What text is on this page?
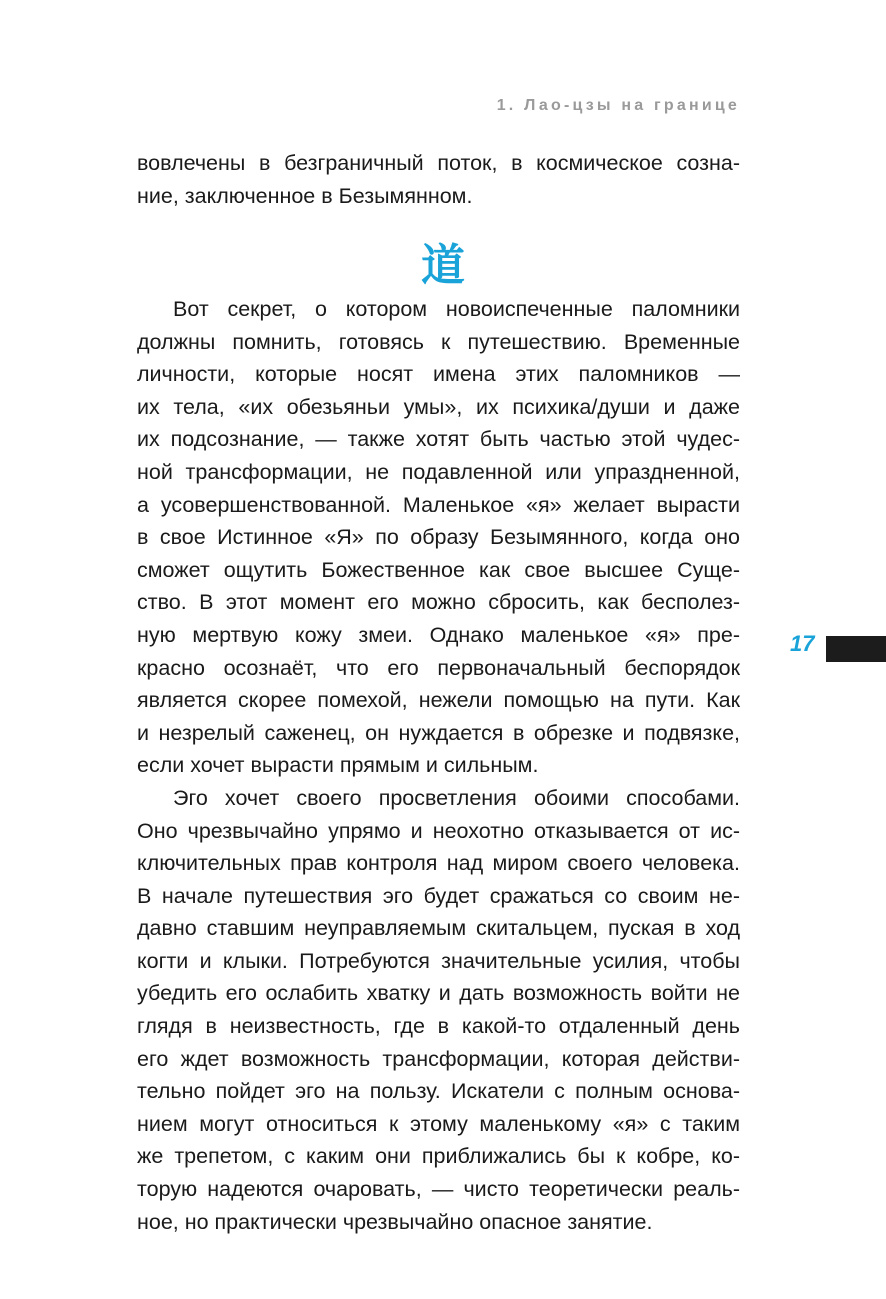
1. Лао-цзы на границе

вовлечены в безграничный поток, в космическое созна-

ние, заключенное в Безымянном.

道

Вот секрет, о котором новоиспеченные паломники

должны помнить, готовясь к путешествию. Временные

личности, которые носят имена этих паломников —

их тела, «их обезьяньи умы», их психика/души и даже

их подсознание, — также хотят быть частью этой чудес-

ной трансформации, не подавленной или упраздненной,

а усовершенствованной. Маленькое «я» желает вырасти

в свое Истинное «Я» по образу Безымянного, когда оно

сможет ощутить Божественное как свое высшее Суще-

ство. В этот момент его можно сбросить, как бесполез-

ную мертвую кожу змеи. Однако маленькое «я» пре-

красно осознаёт, что его первоначальный беспорядок

является скорее помехой, нежели помощью на пути. Как

и незрелый саженец, он нуждается в обрезке и подвязке,

если хочет вырасти прямым и сильным.

Эго хочет своего просветления обоими способами.

Оно чрезвычайно упрямо и неохотно отказывается от ис-

ключительных прав контроля над миром своего человека.

В начале путешествия эго будет сражаться со своим не-

давно ставшим неуправляемым скитальцем, пуская в ход

когти и клыки. Потребуются значительные усилия, чтобы

убедить его ослабить хватку и дать возможность войти не

глядя в неизвестность, где в какой-то отдаленный день

его ждет возможность трансформации, которая действи-

тельно пойдет эго на пользу. Искатели с полным основа-

нием могут относиться к этому маленькому «я» с таким

же трепетом, с каким они приближались бы к кобре, ко-

торую надеются очаровать, — чисто теоретически реаль-

ное, но практически чрезвычайно опасное занятие.

17
